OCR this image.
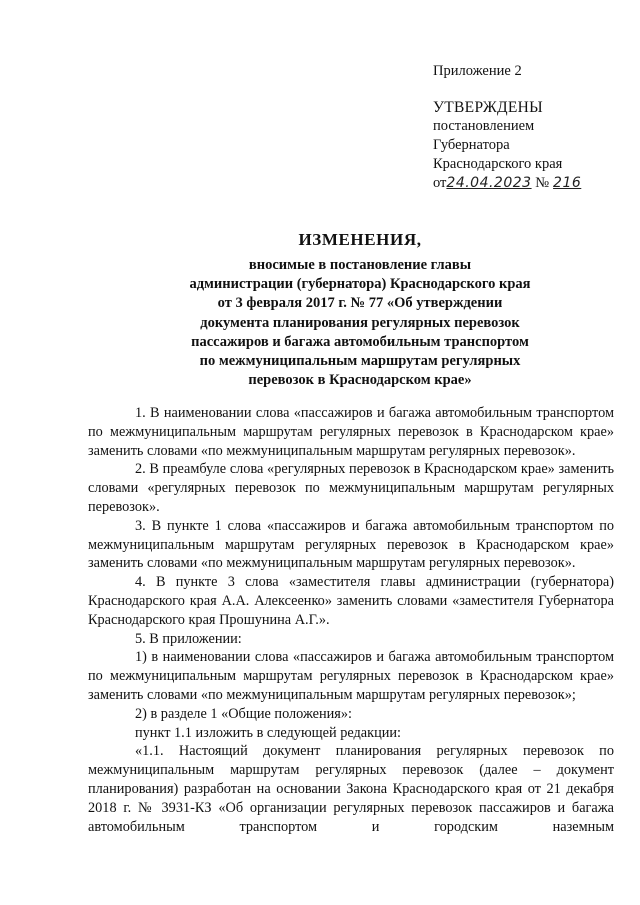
Приложение 2
УТВЕРЖДЕНЫ
постановлением
Губернатора
Краснодарского края
от24.04.2023 № 216
ИЗМЕНЕНИЯ,
вносимые в постановление главы
администрации (губернатора) Краснодарского края
от 3 февраля 2017 г. № 77 «Об утверждении
документа планирования регулярных перевозок
пассажиров и багажа автомобильным транспортом
по межмуниципальным маршрутам регулярных
перевозок в Краснодарском крае»

1. В наименовании слова «пассажиров и багажа автомобильным транспортом по межмуниципальным маршрутам регулярных перевозок в Краснодарском крае» заменить словами «по межмуниципальным маршрутам регулярных перевозок».

2. В преамбуле слова «регулярных перевозок в Краснодарском крае» заменить словами «регулярных перевозок по межмуниципальным маршрутам регулярных перевозок».

3. В пункте 1 слова «пассажиров и багажа автомобильным транспортом по межмуниципальным маршрутам регулярных перевозок в Краснодарском крае» заменить словами «по межмуниципальным маршрутам регулярных перевозок».

4. В пункте 3 слова «заместителя главы администрации (губернатора) Краснодарского края А.А. Алексеенко» заменить словами «заместителя Губернатора Краснодарского края Прошунина А.Г.».

5. В приложении:

1) в наименовании слова «пассажиров и багажа автомобильным транспортом по межмуниципальным маршрутам регулярных перевозок в Краснодарском крае» заменить словами «по межмуниципальным маршрутам регулярных перевозок»;

2) в разделе 1 «Общие положения»:

пункт 1.1 изложить в следующей редакции:

«1.1. Настоящий документ планирования регулярных перевозок по межмуниципальным маршрутам регулярных перевозок (далее – документ планирования) разработан на основании Закона Краснодарского края от 21 декабря 2018 г. № 3931-КЗ «Об организации регулярных перевозок пассажиров и багажа автомобильным транспортом и городским наземным
